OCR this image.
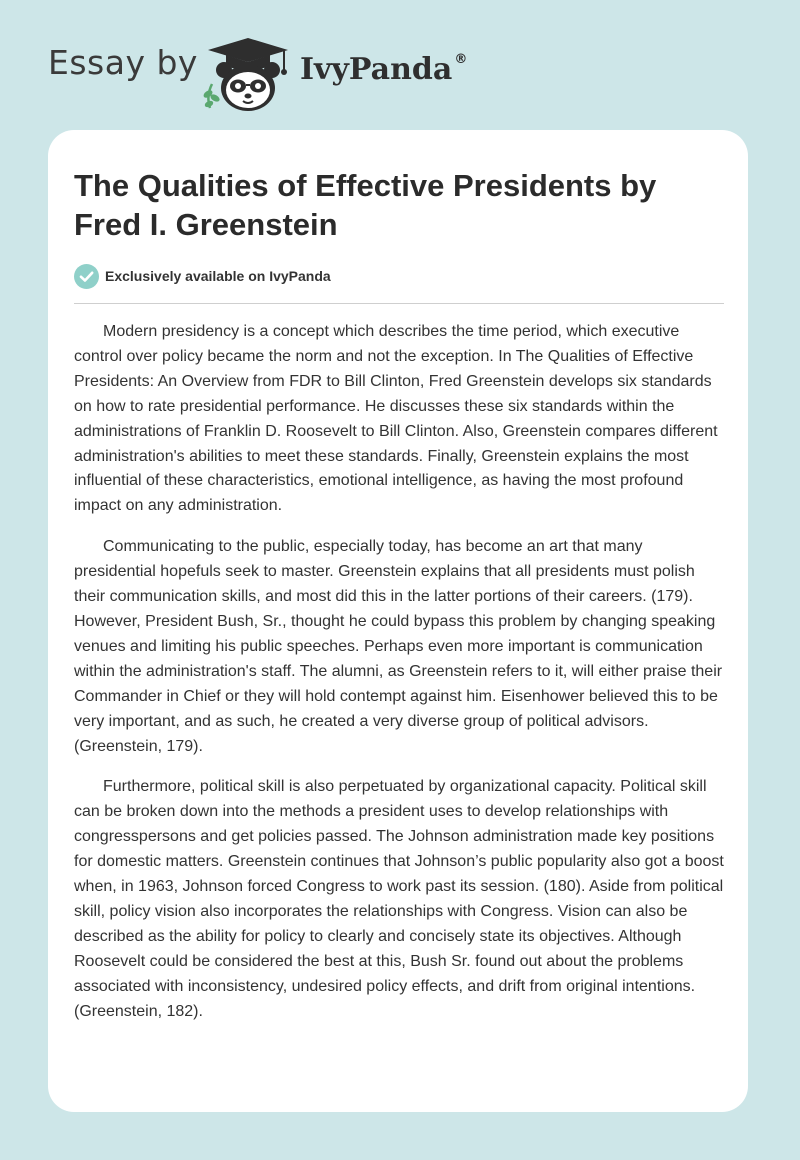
Essay by	IvyPanda ®
The Qualities of Effective Presidents by Fred I. Greenstein
Exclusively available on IvyPanda

Modern presidency is a concept which describes the time period, which executive control over policy became the norm and not the exception. In The Qualities of Effective Presidents: An Overview from FDR to Bill Clinton, Fred Greenstein develops six standards on how to rate presidential performance. He discusses these six standards within the administrations of Franklin D. Roosevelt to Bill Clinton. Also, Greenstein compares different administration's abilities to meet these standards. Finally, Greenstein explains the most influential of these characteristics, emotional intelligence, as having the most profound impact on any administration.

Communicating to the public, especially today, has become an art that many presidential hopefuls seek to master. Greenstein explains that all presidents must polish their communication skills, and most did this in the latter portions of their careers. (179). However, President Bush, Sr., thought he could bypass this problem by changing speaking venues and limiting his public speeches. Perhaps even more important is communication within the administration's staff. The alumni, as Greenstein refers to it, will either praise their Commander in Chief or they will hold contempt against him. Eisenhower believed this to be very important, and as such, he created a very diverse group of political advisors. (Greenstein, 179).

Furthermore, political skill is also perpetuated by organizational capacity. Political skill can be broken down into the methods a president uses to develop relationships with congresspersons and get policies passed. The Johnson administration made key positions for domestic matters. Greenstein continues that Johnson’s public popularity also got a boost when, in 1963, Johnson forced Congress to work past its session. (180). Aside from political skill, policy vision also incorporates the relationships with Congress. Vision can also be described as the ability for policy to clearly and concisely state its objectives. Although Roosevelt could be considered the best at this, Bush Sr. found out about the problems associated with inconsistency, undesired policy effects, and drift from original intentions. (Greenstein, 182).
